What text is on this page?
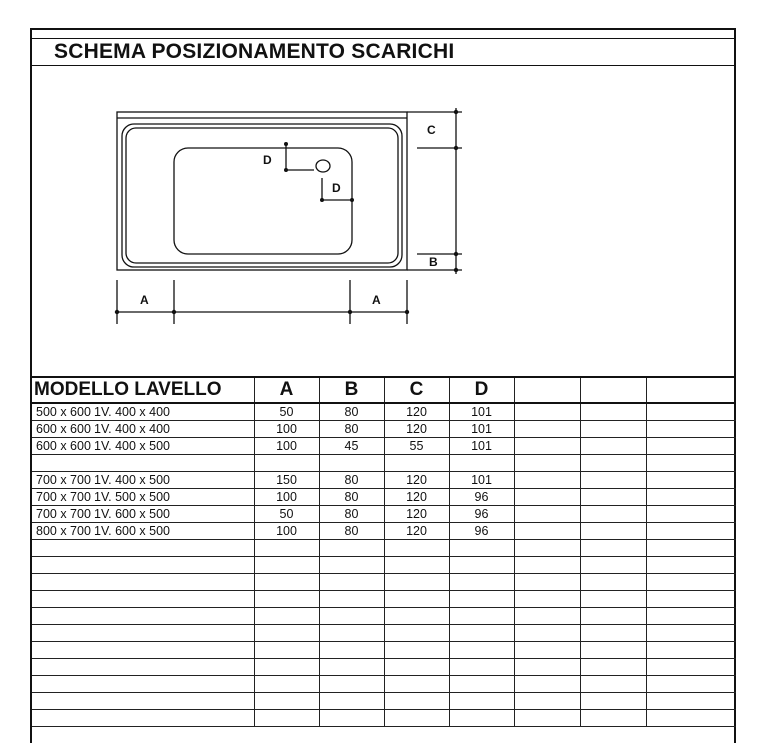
SCHEMA POSIZIONAMENTO SCARICHI
C
B
D
D
A	A
MODELLO LAVELLO	A	B	C	D			
500 x 600 1V. 400 x 400	50	80	120	101			
600 x 600 1V. 400 x 400	100	80	120	101			
600 x 600 1V. 400 x 500	100	45	55	101			

700 x 700 1V. 400 x 500	150	80	120	101			
700 x 700 1V. 500 x 500	100	80	120	96			
700 x 700 1V. 600 x 500	50	80	120	96			
800 x 700 1V. 600 x 500	100	80	120	96			
